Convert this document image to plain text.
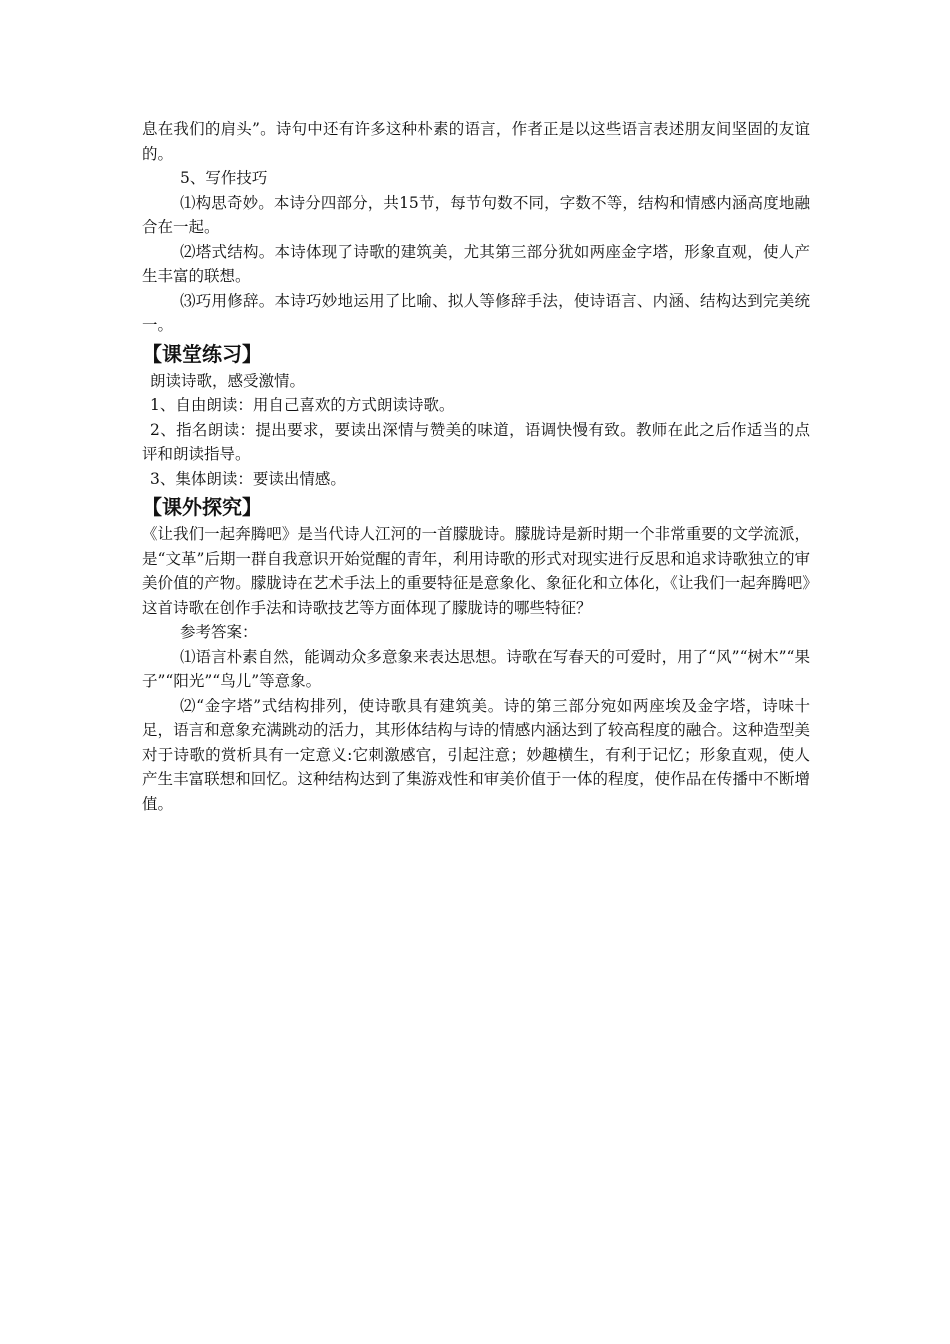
息在我们的肩头”。诗句中还有许多这种朴素的语言，作者正是以这些语言表述朋友间坚固的友谊的。

5、写作技巧

⑴构思奇妙。本诗分四部分，共15节，每节句数不同，字数不等，结构和情感内涵高度地融合在一起。

⑵塔式结构。本诗体现了诗歌的建筑美，尤其第三部分犹如两座金字塔，形象直观，使人产生丰富的联想。

⑶巧用修辞。本诗巧妙地运用了比喻、拟人等修辞手法，使诗语言、内涵、结构达到完美统一。

【课堂练习】

朗读诗歌，感受激情。

1、自由朗读：用自己喜欢的方式朗读诗歌。

2、指名朗读：提出要求，要读出深情与赞美的味道，语调快慢有致。教师在此之后作适当的点评和朗读指导。

3、集体朗读：要读出情感。

【课外探究】

《让我们一起奔腾吧》是当代诗人江河的一首朦胧诗。朦胧诗是新时期一个非常重要的文学流派，是“文革”后期一群自我意识开始觉醒的青年，利用诗歌的形式对现实进行反思和追求诗歌独立的审美价值的产物。朦胧诗在艺术手法上的重要特征是意象化、象征化和立体化，《让我们一起奔腾吧》这首诗歌在创作手法和诗歌技艺等方面体现了朦胧诗的哪些特征？

参考答案：

⑴语言朴素自然，能调动众多意象来表达思想。诗歌在写春天的可爱时，用了“风”“树木”“果子”“阳光”“鸟儿”等意象。

⑵“金字塔”式结构排列，使诗歌具有建筑美。诗的第三部分宛如两座埃及金字塔，诗味十足，语言和意象充满跳动的活力，其形体结构与诗的情感内涵达到了较高程度的融合。这种造型美对于诗歌的赏析具有一定意义:它刺激感官，引起注意；妙趣横生，有利于记忆；形象直观，使人产生丰富联想和回忆。这种结构达到了集游戏性和审美价值于一体的程度，使作品在传播中不断增值。
